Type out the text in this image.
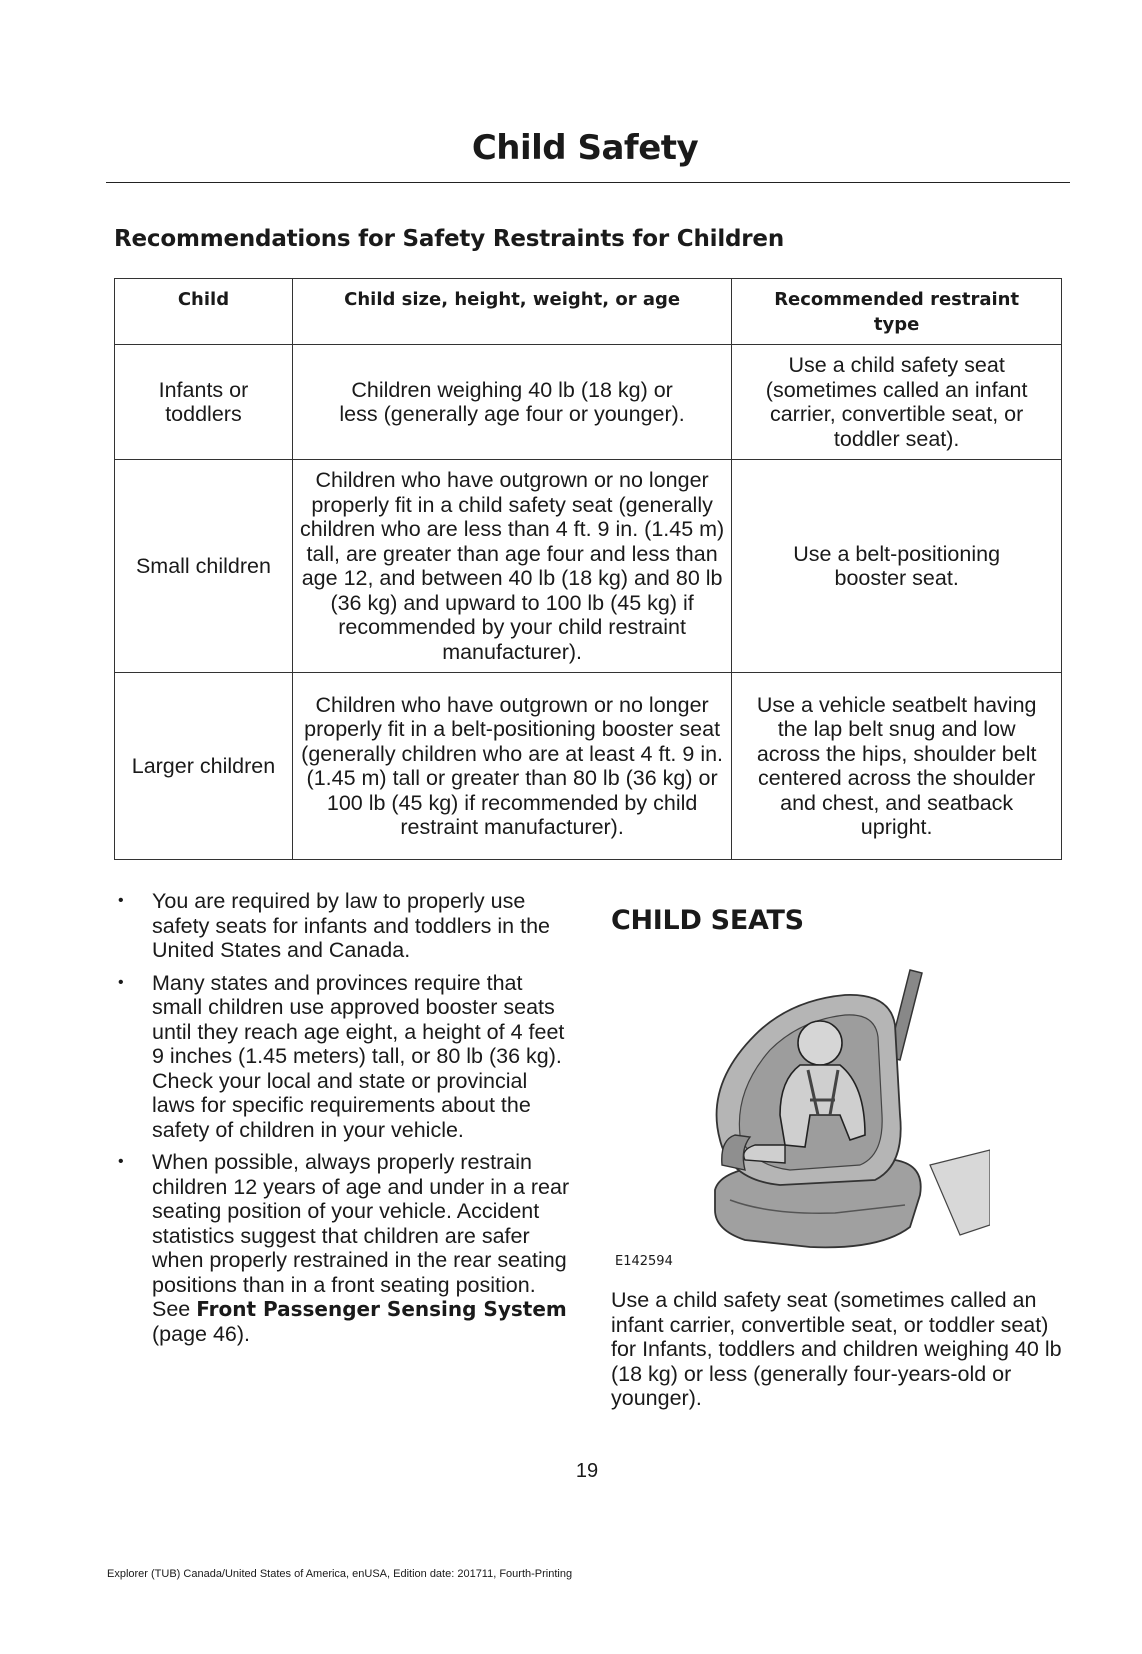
Child Safety
Recommendations for Safety Restraints for Children
Child	Child size, height, weight, or age	Recommended restraint type
Infants or toddlers	Children weighing 40 lb (18 kg) or less (generally age four or younger).	Use a child safety seat (sometimes called an infant carrier, convertible seat, or toddler seat).
Small children	Children who have outgrown or no longer properly fit in a child safety seat (generally children who are less than 4 ft. 9 in. (1.45 m) tall, are greater than age four and less than age 12, and between 40 lb (18 kg) and 80 lb (36 kg) and upward to 100 lb (45 kg) if recommended by your child restraint manufacturer).	Use a belt-positioning booster seat.
Larger children	Children who have outgrown or no longer properly fit in a belt-positioning booster seat (generally children who are at least 4 ft. 9 in. (1.45 m) tall or greater than 80 lb (36 kg) or 100 lb (45 kg) if recommended by child restraint manufacturer).	Use a vehicle seatbelt having the lap belt snug and low across the hips, shoulder belt centered across the shoulder and chest, and seatback upright.
• You are required by law to properly use safety seats for infants and toddlers in the United States and Canada.
• Many states and provinces require that small children use approved booster seats until they reach age eight, a height of 4 feet 9 inches (1.45 meters) tall, or 80 lb (36 kg). Check your local and state or provincial laws for specific requirements about the safety of children in your vehicle.
• When possible, always properly restrain children 12 years of age and under in a rear seating position of your vehicle. Accident statistics suggest that children are safer when properly restrained in the rear seating positions than in a front seating position. See Front Passenger Sensing System (page 46).
CHILD SEATS
E142594

Use a child safety seat (sometimes called an infant carrier, convertible seat, or toddler seat) for Infants, toddlers and children weighing 40 lb (18 kg) or less (generally four-years-old or younger).

19
Explorer (TUB) Canada/United States of America, enUSA, Edition date: 201711, Fourth-Printing
